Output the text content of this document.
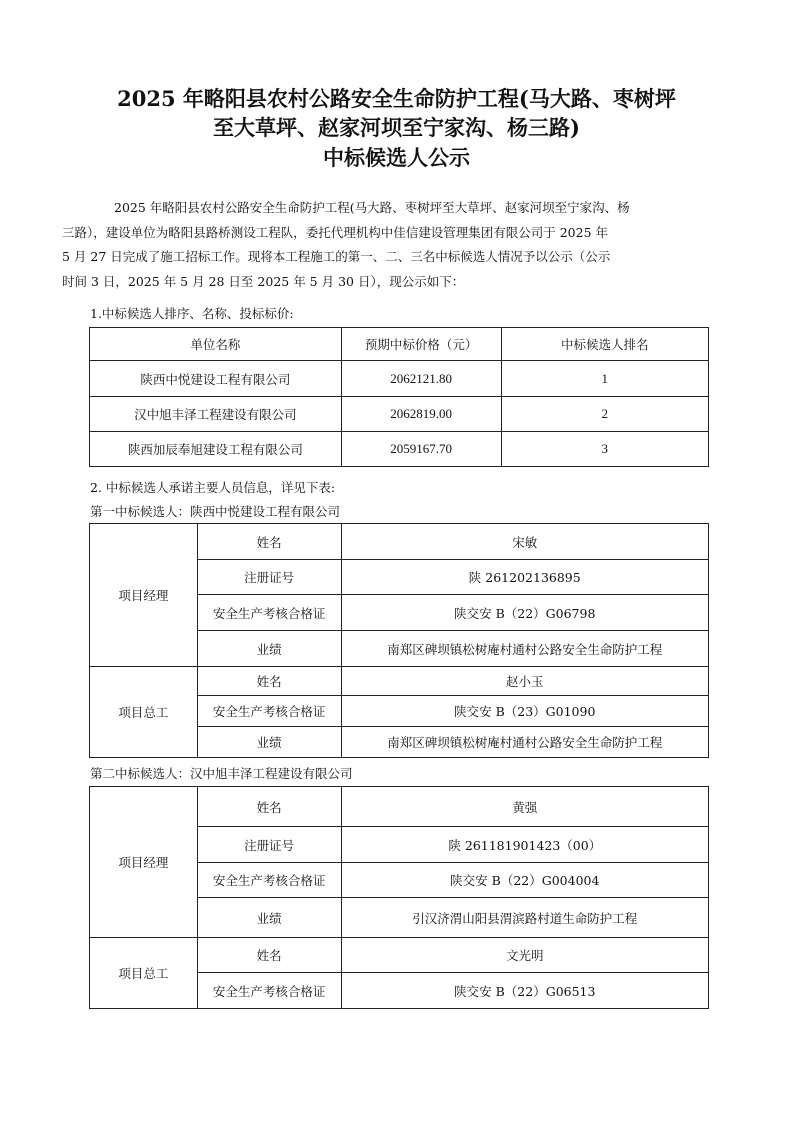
2025 年略阳县农村公路安全生命防护工程(马大路、枣树坪
至大草坪、赵家河坝至宁家沟、杨三路)
中标候选人公示
2025 年略阳县农村公路安全生命防护工程(马大路、枣树坪至大草坪、赵家河坝至宁家沟、杨
三路），建设单位为略阳县路桥测设工程队，委托代理机构中佳信建设管理集团有限公司于 2025 年
5 月 27 日完成了施工招标工作。现将本工程施工的第一、二、三名中标候选人情况予以公示（公示
时间 3 日，2025 年 5 月 28 日至 2025 年 5 月 30 日），现公示如下：
1.中标候选人排序、名称、投标标价:
单位名称	预期中标价格（元）	中标候选人排名
陕西中悦建设工程有限公司	2062121.80	1
汉中旭丰泽工程建设有限公司	2062819.00	2
陕西加辰奉旭建设工程有限公司	2059167.70	3
2. 中标候选人承诺主要人员信息，详见下表:
第一中标候选人：陕西中悦建设工程有限公司
项目经理	姓名	宋敏
	注册证号	陕 261202136895
	安全生产考核合格证	陕交安 B（22）G06798
	业绩	南郑区碑坝镇松树庵村通村公路安全生命防护工程
项目总工	姓名	赵小玉
	安全生产考核合格证	陕交安 B（23）G01090
	业绩	南郑区碑坝镇松树庵村通村公路安全生命防护工程
第二中标候选人：汉中旭丰泽工程建设有限公司
项目经理	姓名	黄强
	注册证号	陕 261181901423（00）
	安全生产考核合格证	陕交安 B（22）G004004
	业绩	引汉济渭山阳县渭滨路村道生命防护工程
项目总工	姓名	文光明
	安全生产考核合格证	陕交安 B（22）G06513
